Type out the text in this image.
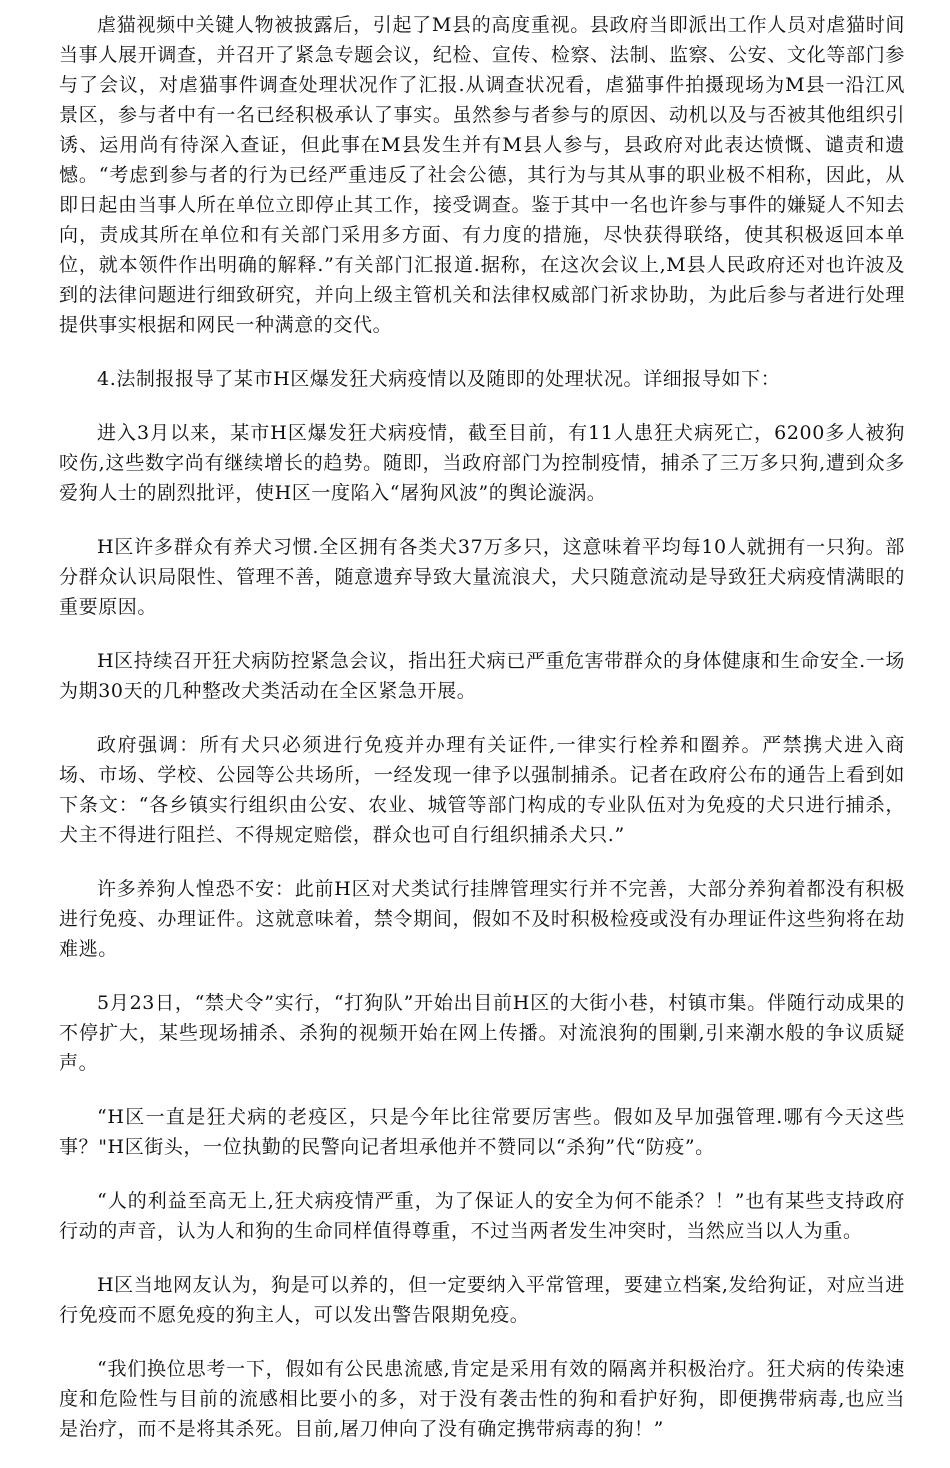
虐猫视频中关键人物被披露后，引起了M县的高度重视。县政府当即派出工作人员对虐猫时间当事人展开调查，并召开了紧急专题会议，纪检、宣传、检察、法制、监察、公安、文化等部门参与了会议，对虐猫事件调查处理状况作了汇报.从调查状况看，虐猫事件拍摄现场为M县一沿江风景区，参与者中有一名已经积极承认了事实。虽然参与者参与的原因、动机以及与否被其他组织引诱、运用尚有待深入查证，但此事在M县发生并有M县人参与，县政府对此表达愤慨、谴责和遗憾。“考虑到参与者的行为已经严重违反了社会公德，其行为与其从事的职业极不相称，因此，从即日起由当事人所在单位立即停止其工作，接受调查。鉴于其中一名也许参与事件的嫌疑人不知去向，责成其所在单位和有关部门采用多方面、有力度的措施，尽快获得联络，使其积极返回本单位，就本领件作出明确的解释.”有关部门汇报道.据称，在这次会议上,M县人民政府还对也许波及到的法律问题进行细致研究，并向上级主管机关和法律权威部门祈求协助，为此后参与者进行处理提供事实根据和网民一种满意的交代。

4.法制报报导了某市H区爆发狂犬病疫情以及随即的处理状况。详细报导如下：

进入3月以来，某市H区爆发狂犬病疫情，截至目前，有11人患狂犬病死亡，6200多人被狗咬伤,这些数字尚有继续增长的趋势。随即，当政府部门为控制疫情，捕杀了三万多只狗,遭到众多爱狗人士的剧烈批评，使H区一度陷入“屠狗风波”的舆论漩涡。

H区许多群众有养犬习惯.全区拥有各类犬37万多只，这意味着平均每10人就拥有一只狗。部分群众认识局限性、管理不善，随意遗弃导致大量流浪犬，犬只随意流动是导致狂犬病疫情满眼的重要原因。

H区持续召开狂犬病防控紧急会议，指出狂犬病已严重危害带群众的身体健康和生命安全.一场为期30天的几种整改犬类活动在全区紧急开展。

政府强调：所有犬只必须进行免疫并办理有关证件,一律实行栓养和圈养。严禁携犬进入商场、市场、学校、公园等公共场所，一经发现一律予以强制捕杀。记者在政府公布的通告上看到如下条文：“各乡镇实行组织由公安、农业、城管等部门构成的专业队伍对为免疫的犬只进行捕杀，犬主不得进行阻拦、不得规定赔偿，群众也可自行组织捕杀犬只.”

许多养狗人惶恐不安：此前H区对犬类试行挂牌管理实行并不完善，大部分养狗着都没有积极进行免疫、办理证件。这就意味着，禁令期间，假如不及时积极检疫或没有办理证件这些狗将在劫难逃。

5月23日，“禁犬令”实行，“打狗队”开始出目前H区的大街小巷，村镇市集。伴随行动成果的不停扩大，某些现场捕杀、杀狗的视频开始在网上传播。对流浪狗的围剿,引来潮水般的争议质疑声。

“H区一直是狂犬病的老疫区，只是今年比往常要厉害些。假如及早加强管理.哪有今天这些事？"H区街头，一位执勤的民警向记者坦承他并不赞同以“杀狗”代“防疫”。

“人的利益至高无上,狂犬病疫情严重，为了保证人的安全为何不能杀？！”也有某些支持政府行动的声音，认为人和狗的生命同样值得尊重，不过当两者发生冲突时，当然应当以人为重。

H区当地网友认为，狗是可以养的，但一定要纳入平常管理，要建立档案,发给狗证，对应当进行免疫而不愿免疫的狗主人，可以发出警告限期免疫。

“我们换位思考一下，假如有公民患流感,肯定是采用有效的隔离并积极治疗。狂犬病的传染速度和危险性与目前的流感相比要小的多，对于没有袭击性的狗和看护好狗，即便携带病毒,也应当是治疗，而不是将其杀死。目前,屠刀伸向了没有确定携带病毒的狗！”
